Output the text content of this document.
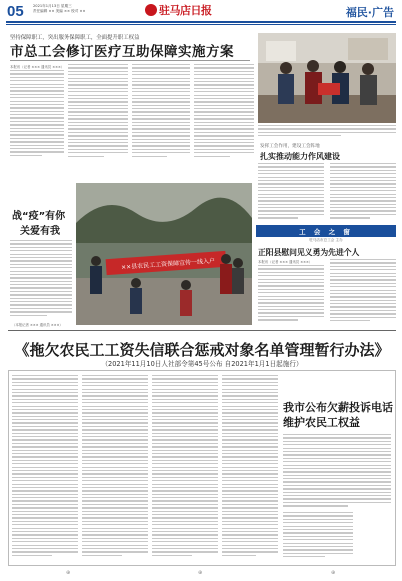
05	2021年1月13日 星期三
责任编辑 ×× 美编 ×× 校对 ××	驻马店日报	福民·广告
坚持保障职工，突出服务保障职工，全面提升职工权益
市总工会修订医疗互助保障实施方案
本报讯（记者 ××× 通讯员 ×××）
发挥工会作用，建设工会阵地
扎实推动能力作风建设
工 会 之 窗
驻马店市总工会 主办
正阳县慰问见义勇为先进个人
本报讯（记者 ××× 通讯员 ×××）
战“疫”有你
关爱有我
（本报记者 ××× 通讯员 ×××）
××县农民工工资保障宣传一线入户
《拖欠农民工工资失信联合惩戒对象名单管理暂行办法》
（2021年11月10日人社部令第45号公布 自2021年1月1日起施行）
我市公布欠薪投诉电话
维护农民工权益
⊕	⊕	⊕
